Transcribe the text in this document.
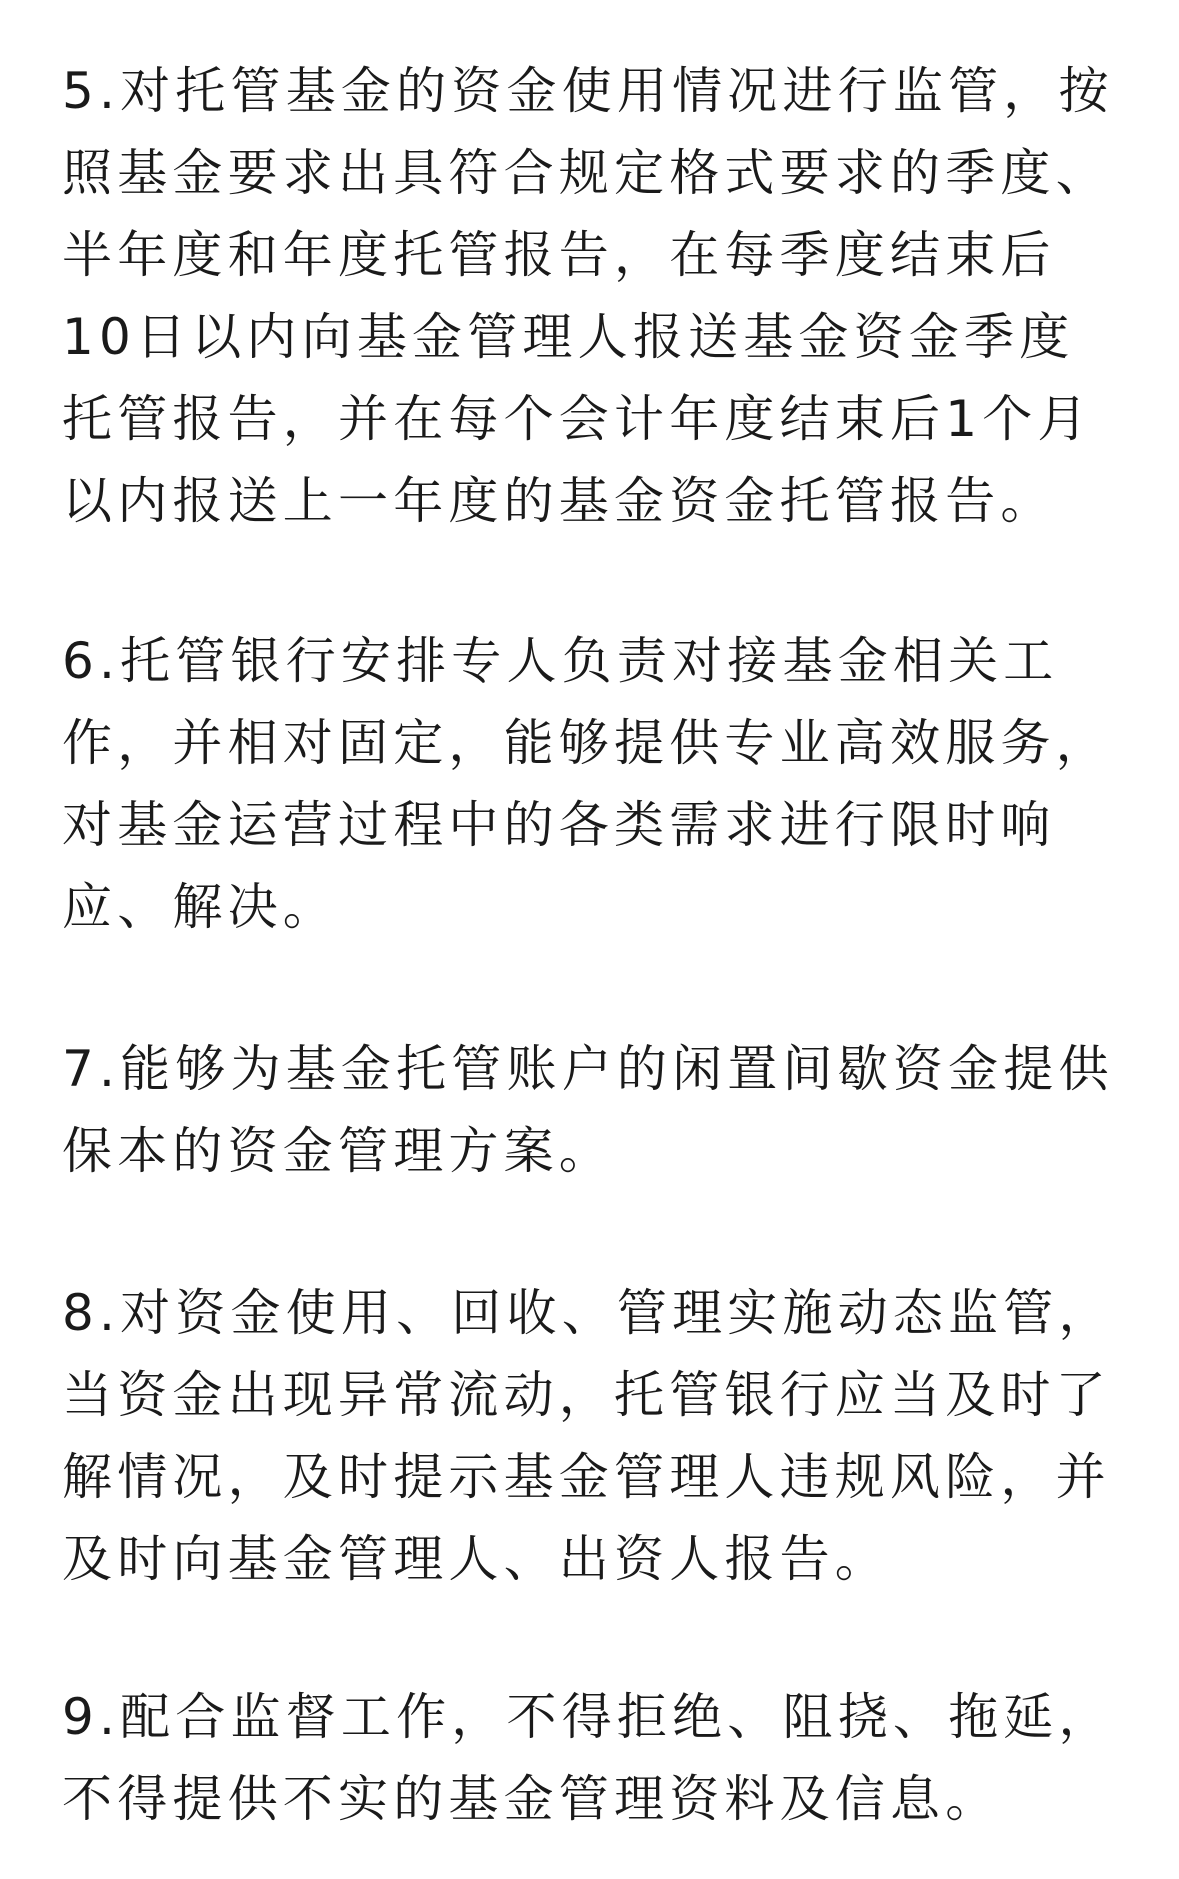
5.对托管基金的资金使用情况进行监管，按
照基金要求出具符合规定格式要求的季度、
半年度和年度托管报告，在每季度结束后
10日以内向基金管理人报送基金资金季度
托管报告，并在每个会计年度结束后1个月
以内报送上一年度的基金资金托管报告。
6.托管银行安排专人负责对接基金相关工
作，并相对固定，能够提供专业高效服务，
对基金运营过程中的各类需求进行限时响
应、解决。
7.能够为基金托管账户的闲置间歇资金提供
保本的资金管理方案。
8.对资金使用、回收、管理实施动态监管，
当资金出现异常流动，托管银行应当及时了
解情况，及时提示基金管理人违规风险，并
及时向基金管理人、出资人报告。
9.配合监督工作，不得拒绝、阻挠、拖延，
不得提供不实的基金管理资料及信息。
